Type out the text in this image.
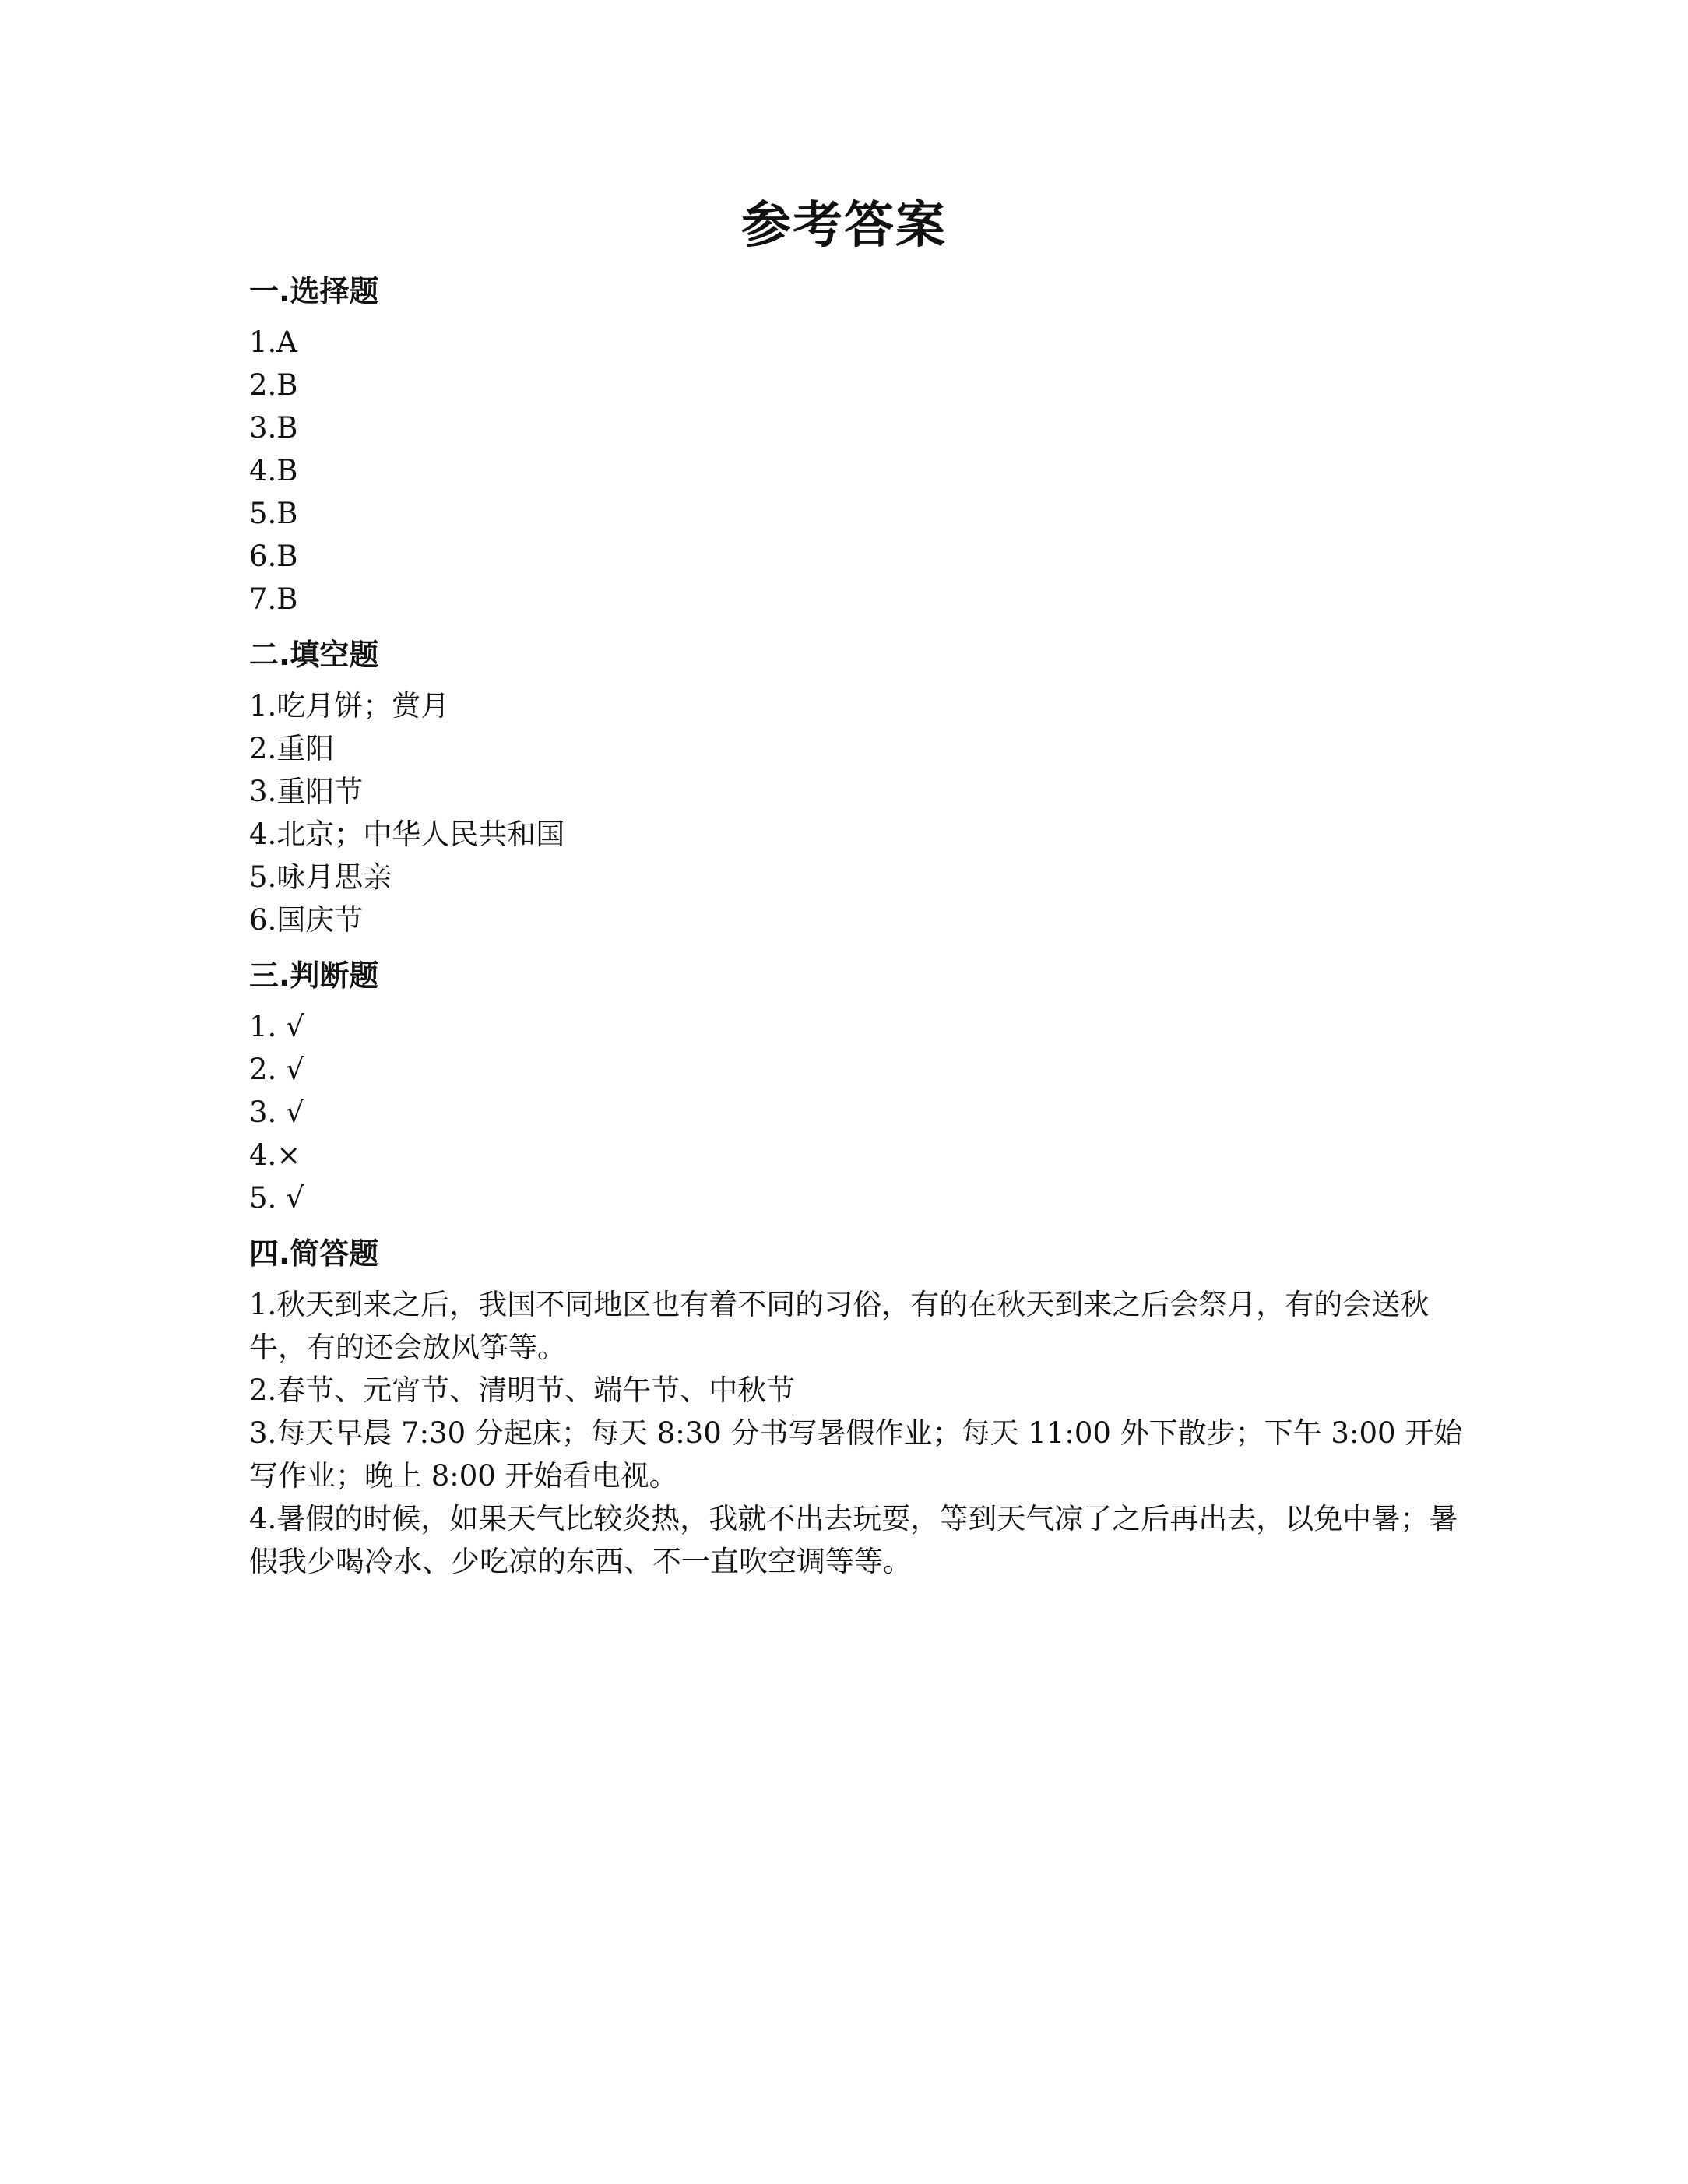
参考答案
一.选择题
1.A
2.B
3.B
4.B
5.B
6.B
7.B
二.填空题
1.吃月饼；赏月
2.重阳
3.重阳节
4.北京；中华人民共和国
5.咏月思亲
6.国庆节
三.判断题
1. √
2. √
3. √
4.×
5. √
四.简答题
1.秋天到来之后，我国不同地区也有着不同的习俗，有的在秋天到来之后会祭月，有的会送秋牛，有的还会放风筝等。
2.春节、元宵节、清明节、端午节、中秋节
3.每天早晨 7:30 分起床；每天 8:30 分书写暑假作业；每天 11:00 外下散步；下午 3:00 开始写作业；晚上 8:00 开始看电视。
4.暑假的时候，如果天气比较炎热，我就不出去玩耍，等到天气凉了之后再出去，以免中暑；暑假我少喝冷水、少吃凉的东西、不一直吹空调等等。
